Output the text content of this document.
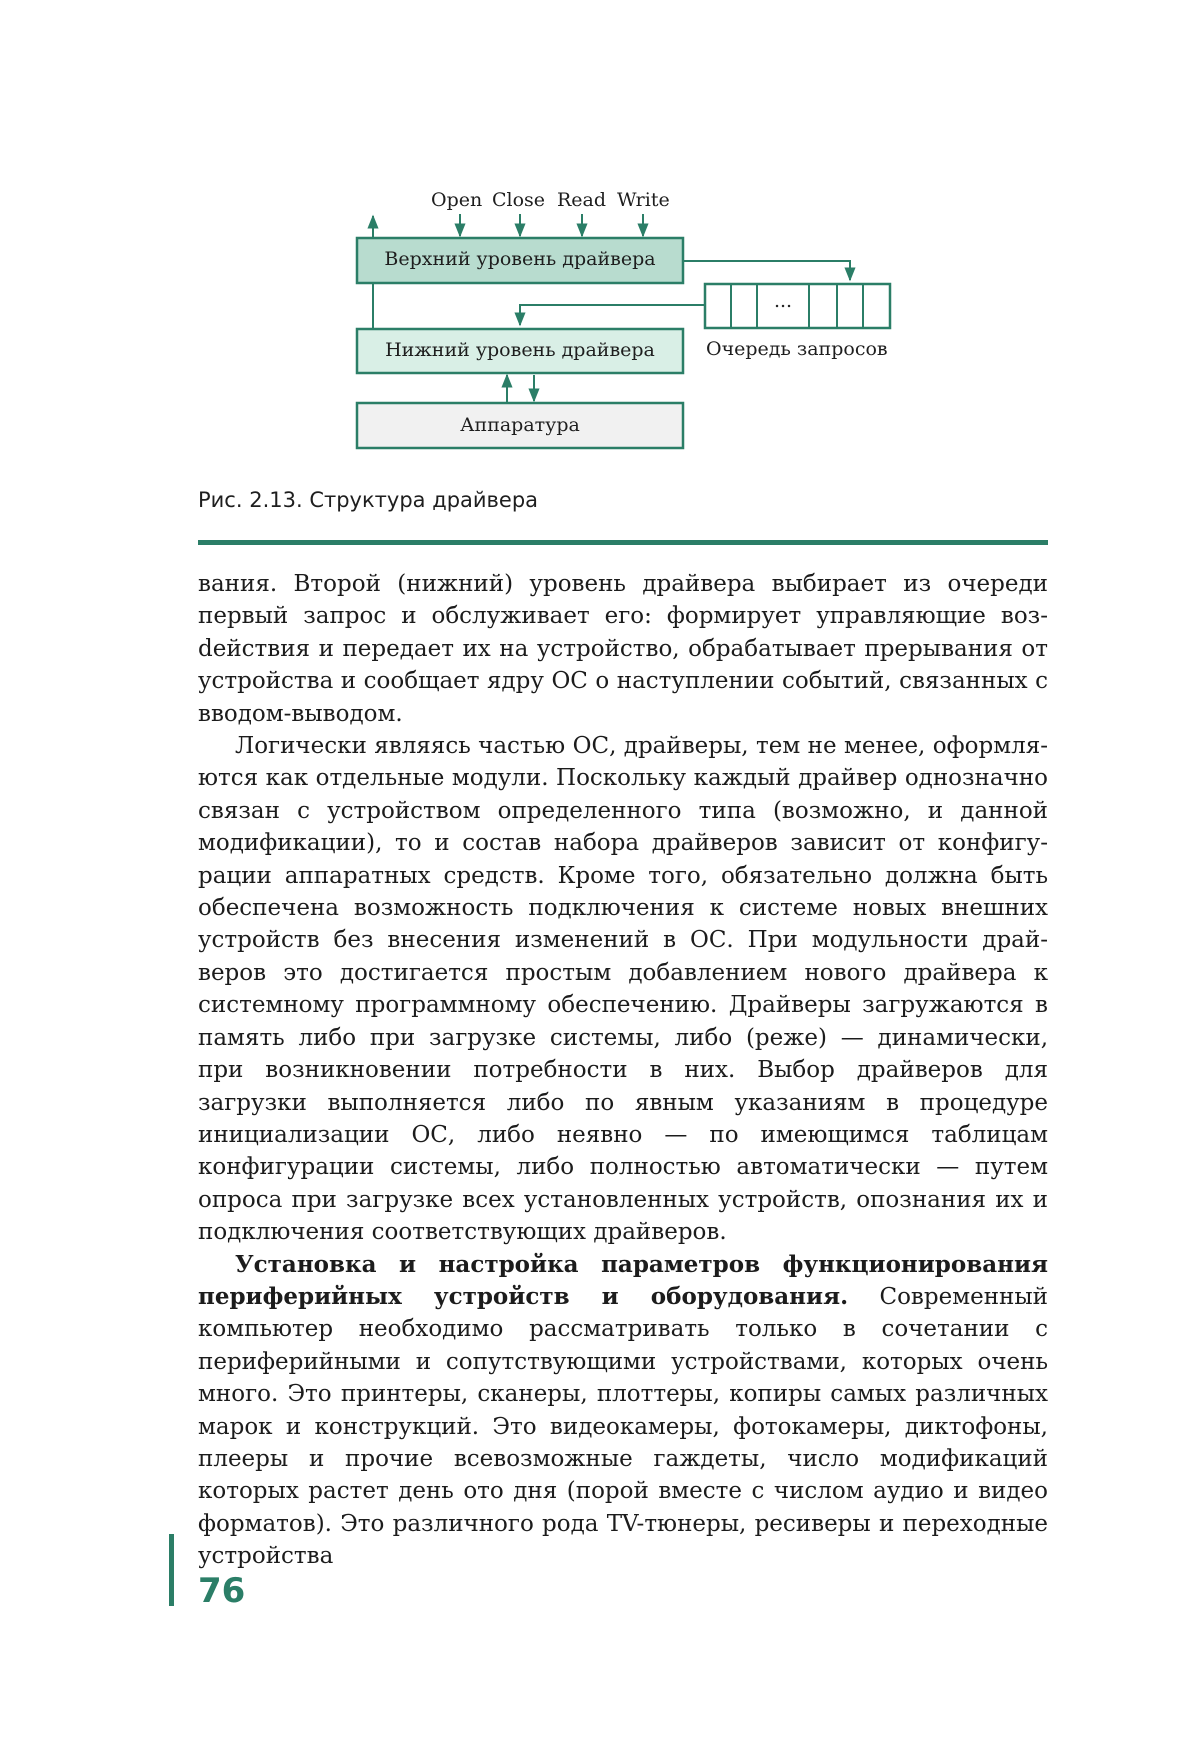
Open Close Read Write
Верхний уровень драйвера
...
Очередь запросов
Нижний уровень драйвера
Аппаратура
Рис. 2.13. Структура драйвера

вания. Второй (нижний) уровень драйвера выбирает из очереди первый запрос и обслуживает его: формирует управляющие возdействия и передает их на устройство, обрабатывает прерывания от устройства и сообщает ядру ОС о наступлении событий, связанных с вводом-выводом.

Логически являясь частью ОС, драйверы, тем не менее, оформляются как отдельные модули. Поскольку каждый драйвер однозначно связан с устройством определенного типа (возможно, и данной модификации), то и состав набора драйверов зависит от конфигурации аппаратных средств. Кроме того, обязательно должна быть обеспечена возможность подключения к системе новых внешних устройств без внесения изменений в ОС. При модульности драйверов это достигается простым добавлением нового драйвера к системному программному обеспечению. Драйверы загружаются в память либо при загрузке системы, либо (реже) — динамически, при возникновении потребности в них. Выбор драйверов для загрузки выполняется либо по явным указаниям в процедуре инициализации ОС, либо неявно — по имеющимся таблицам конфигурации системы, либо полностью автоматически — путем опроса при загрузке всех установленных устройств, опознания их и подключения соответствующих драйверов.

Установка и настройка параметров функционирования периферийных устройств и оборудования. Современный компьютер необходимо рассматривать только в сочетании с периферийными и сопутствующими устройствами, которых очень много. Это принтеры, сканеры, плоттеры, копиры самых различных марок и конструкций. Это видеокамеры, фотокамеры, диктофоны, плееры и прочие всевозможные гаждеты, число модификаций которых растет день ото дня (порой вместе с числом аудио и видео форматов). Это различного рода TV-тюнеры, ресиверы и переходные устройства

76
